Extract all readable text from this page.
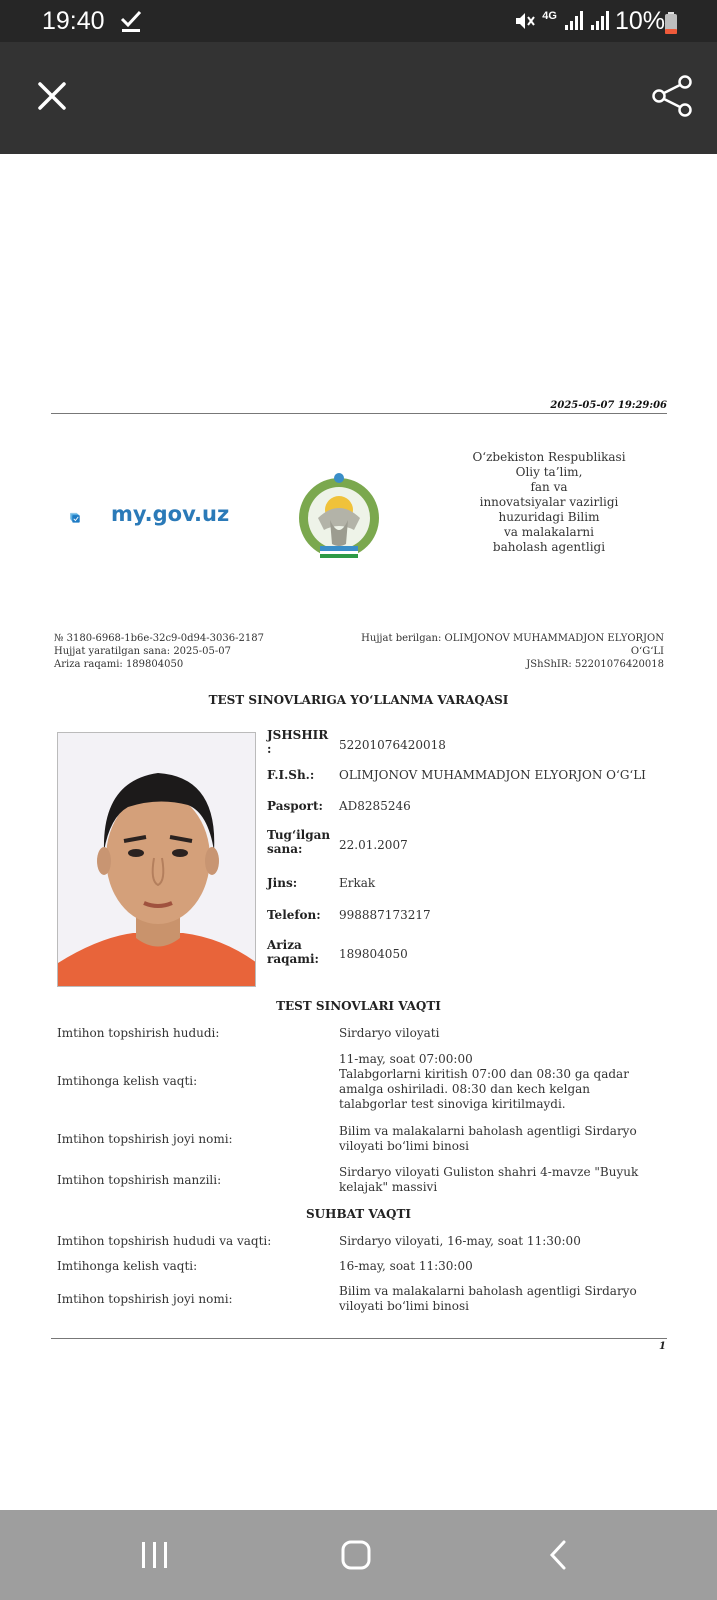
19:40	4G 10%
2025-05-07 19:29:06
my.gov.uz
O‘zbekiston Respublikasi
Oliy ta’lim,
fan va
innovatsiyalar vazirligi
huzuridagi Bilim
va malakalarni
baholash agentligi
№ 3180-6968-1b6e-32c9-0d94-3036-2187
Hujjat yaratilgan sana: 2025-05-07
Ariza raqami: 189804050
Hujjat berilgan: OLIMJONOV MUHAMMADJON ELYORJON
O‘G‘LI
JShShIR: 52201076420018
TEST SINOVLARIGA YO‘LLANMA VARAQASI
JSHSHIR :	52201076420018
F.I.Sh.:	OLIMJONOV MUHAMMADJON ELYORJON O‘G‘LI
Pasport:	AD8285246
Tug‘ilgan sana:	22.01.2007
Jins:	Erkak
Telefon:	998887173217
Ariza raqami:	189804050
TEST SINOVLARI VAQTI
Imtihon topshirish hududi:	Sirdaryo viloyati
Imtihonga kelish vaqti:
11-may, soat 07:00:00
Talabgorlarni kiritish 07:00 dan 08:30 ga qadar amalga oshiriladi. 08:30 dan kech kelgan talabgorlar test sinoviga kiritilmaydi.
Imtihon topshirish joyi nomi:
Bilim va malakalarni baholash agentligi Sirdaryo viloyati bo‘limi binosi
Imtihon topshirish manzili:
Sirdaryo viloyati Guliston shahri 4-mavze "Buyuk kelajak" massivi
SUHBAT VAQTI
Imtihon topshirish hududi va vaqti:	Sirdaryo viloyati, 16-may, soat 11:30:00
Imtihonga kelish vaqti:	16-may, soat 11:30:00
Imtihon topshirish joyi nomi:
Bilim va malakalarni baholash agentligi Sirdaryo viloyati bo‘limi binosi
1
